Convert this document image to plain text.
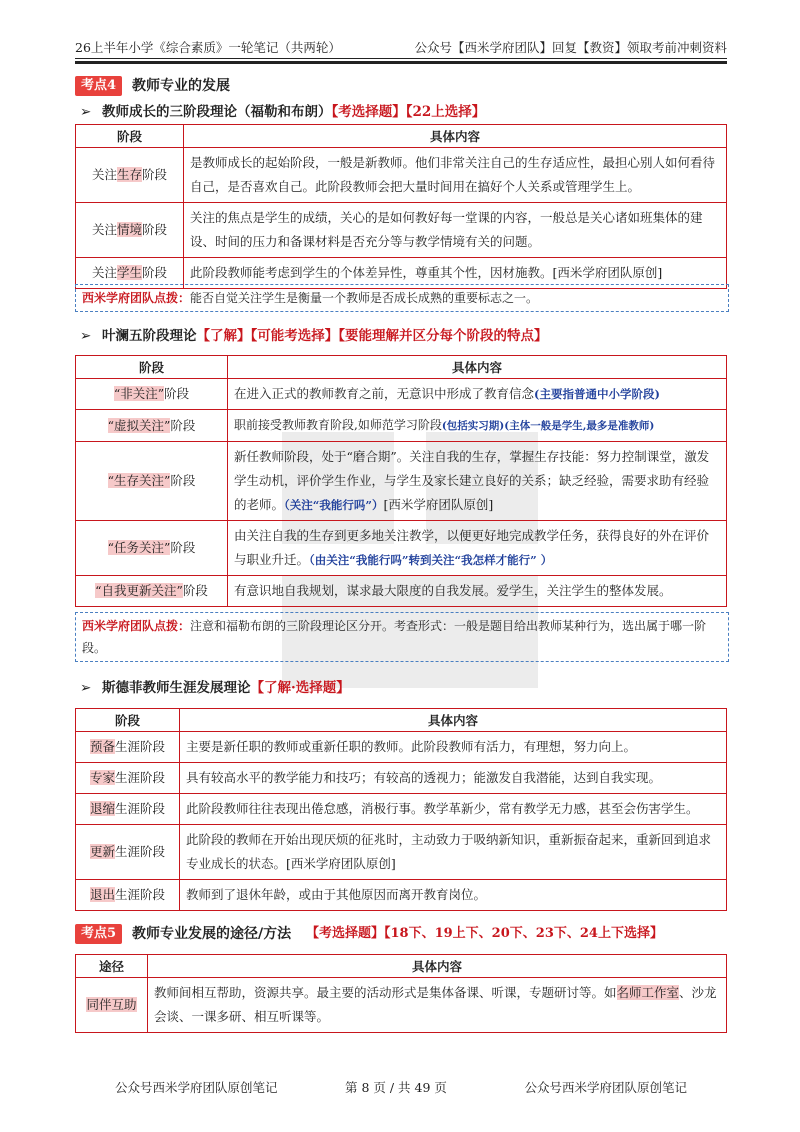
26上半年小学《综合素质》一轮笔记（共两轮）	公众号【西米学府团队】回复【教资】领取考前冲刺资料
考点4	教师专业的发展
➢ 教师成长的三阶段理论（福勒和布朗）【考选择题】【22上选择】
阶段	具体内容
关注生存阶段	是教师成长的起始阶段，一般是新教师。他们非常关注自己的生存适应性，最担心别人如何看待自己，是否喜欢自己。此阶段教师会把大量时间用在搞好个人关系或管理学生上。
关注情境阶段	关注的焦点是学生的成绩，关心的是如何教好每一堂课的内容，一般总是关心诸如班集体的建设、时间的压力和备课材料是否充分等与教学情境有关的问题。
关注学生阶段	此阶段教师能考虑到学生的个体差异性，尊重其个性，因材施教。[西米学府团队原创]
西米学府团队点拨：能否自觉关注学生是衡量一个教师是否成长成熟的重要标志之一。
➢ 叶澜五阶段理论【了解】【可能考选择】【要能理解并区分每个阶段的特点】
阶段	具体内容
“非关注”阶段	在进入正式的教师教育之前，无意识中形成了教育信念(主要指普通中小学阶段)
“虚拟关注”阶段	职前接受教师教育阶段,如师范学习阶段(包括实习期)(主体一般是学生,最多是准教师)
“生存关注”阶段	新任教师阶段，处于“磨合期”。关注自我的生存，掌握生存技能：努力控制课堂，激发学生动机，评价学生作业，与学生及家长建立良好的关系；缺乏经验，需要求助有经验的老师。（关注“我能行吗”）[西米学府团队原创]
“任务关注”阶段	由关注自我的生存到更多地关注教学，以便更好地完成教学任务，获得良好的外在评价与职业升迁。（由关注“我能行吗”转到关注“我怎样才能行” ）
“自我更新关注”阶段	有意识地自我规划，谋求最大限度的自我发展。爱学生，关注学生的整体发展。
西米学府团队点拨：注意和福勒布朗的三阶段理论区分开。考查形式：一般是题目给出教师某种行为，选出属于哪一阶段。
➢ 斯德菲教师生涯发展理论【了解·选择题】
阶段	具体内容
预备生涯阶段	主要是新任职的教师或重新任职的教师。此阶段教师有活力，有理想，努力向上。
专家生涯阶段	具有较高水平的教学能力和技巧；有较高的透视力；能激发自我潜能，达到自我实现。
退缩生涯阶段	此阶段教师往往表现出倦怠感，消极行事。教学革新少，常有教学无力感，甚至会伤害学生。
更新生涯阶段	此阶段的教师在开始出现厌烦的征兆时，主动致力于吸纳新知识，重新振奋起来，重新回到追求专业成长的状态。[西米学府团队原创]
退出生涯阶段	教师到了退休年龄，或由于其他原因而离开教育岗位。
考点5	教师专业发展的途径/方法 【考选择题】【18下、19上下、20下、23下、24上下选择】
途径	具体内容
同伴互助	教师间相互帮助，资源共享。最主要的活动形式是集体备课、听课，专题研讨等。如名师工作室、沙龙会谈、一课多研、相互听课等。
公众号西米学府团队原创笔记	第 8 页 / 共 49 页	公众号西米学府团队原创笔记
